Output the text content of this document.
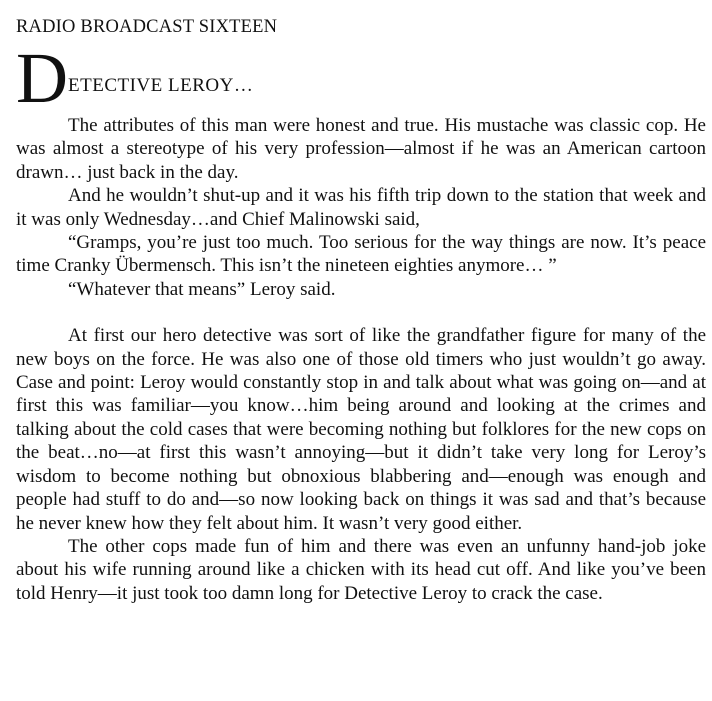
RADIO BROADCAST SIXTEEN
D ETECTIVE LEROY…

The attributes of this man were honest and true. His mustache was classic cop. He was almost a stereotype of his very profession—almost if he was an American cartoon drawn… just back in the day.

And he wouldn’t shut-up and it was his fifth trip down to the station that week and it was only Wednesday…and Chief Malinowski said,

“Gramps, you’re just too much. Too serious for the way things are now. It’s peace time Cranky Übermensch. This isn’t the nineteen eighties anymore… ”

“Whatever that means” Leroy said.

At first our hero detective was sort of like the grandfather figure for many of the new boys on the force. He was also one of those old timers who just wouldn’t go away. Case and point: Leroy would constantly stop in and talk about what was going on—and at first this was familiar—you know…him being around and looking at the crimes and talking about the cold cases that were becoming nothing but folklores for the new cops on the beat…no—at first this wasn’t annoying—but it didn’t take very long for Leroy’s wisdom to become nothing but obnoxious blabbering and—enough was enough and people had stuff to do and—so now looking back on things it was sad and that’s because he never knew how they felt about him. It wasn’t very good either.

The other cops made fun of him and there was even an unfunny hand-job joke about his wife running around like a chicken with its head cut off. And like you’ve been told Henry—it just took too damn long for Detective Leroy to crack the case.
